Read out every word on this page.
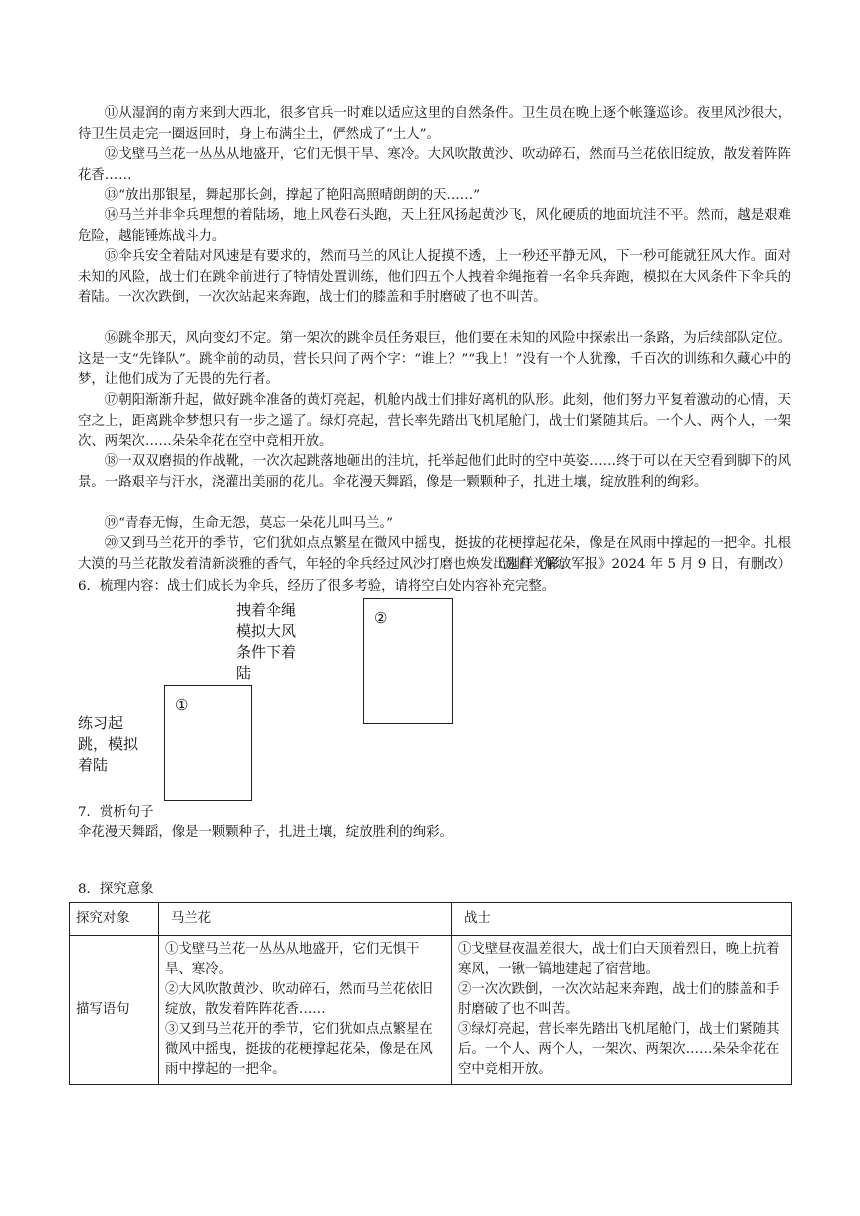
⑪从湿润的南方来到大西北，很多官兵一时难以适应这里的自然条件。卫生员在晚上逐个帐篷巡诊。夜里风沙很大，待卫生员走完一圈返回时，身上布满尘土，俨然成了“土人”。

⑫戈壁马兰花一丛丛从地盛开，它们无惧干旱、寒冷。大风吹散黄沙、吹动碎石，然而马兰花依旧绽放，散发着阵阵花香……

⑬“放出那银星，舞起那长剑，撑起了艳阳高照晴朗朗的天……”

⑭马兰并非伞兵理想的着陆场，地上风卷石头跑，天上狂风扬起黄沙飞，风化硬质的地面坑洼不平。然而，越是艰难危险，越能锤炼战斗力。

⑮伞兵安全着陆对风速是有要求的，然而马兰的风让人捉摸不透，上一秒还平静无风，下一秒可能就狂风大作。面对未知的风险，战士们在跳伞前进行了特情处置训练，他们四五个人拽着伞绳拖着一名伞兵奔跑，模拟在大风条件下伞兵的着陆。一次次跌倒，一次次站起来奔跑，战士们的膝盖和手肘磨破了也不叫苦。

⑯跳伞那天，风向变幻不定。第一架次的跳伞员任务艰巨，他们要在未知的风险中探索出一条路，为后续部队定位。这是一支“先锋队”。跳伞前的动员，营长只问了两个字：“谁上？”“我上！”没有一个人犹豫，千百次的训练和久藏心中的梦，让他们成为了无畏的先行者。

⑰朝阳渐渐升起，做好跳伞准备的黄灯亮起，机舱内战士们排好离机的队形。此刻，他们努力平复着激动的心情，天空之上，距离跳伞梦想只有一步之遥了。绿灯亮起，营长率先踏出飞机尾舱门，战士们紧随其后。一个人、两个人，一架次、两架次……朵朵伞花在空中竞相开放。

⑱一双双磨损的作战靴，一次次起跳落地砸出的洼坑，托举起他们此时的空中英姿……终于可以在天空看到脚下的风景。一路艰辛与汗水，浇灌出美丽的花儿。伞花漫天舞蹈，像是一颗颗种子，扎进土壤，绽放胜利的绚彩。

⑲“青春无悔，生命无怨，莫忘一朵花儿叫马兰。”

⑳又到马兰花开的季节，它们犹如点点繁星在微风中摇曳，挺拔的花梗撑起花朵，像是在风雨中撑起的一把伞。扎根大漠的马兰花散发着清新淡雅的香气，年轻的伞兵经过风沙打磨也焕发出别样光彩。

（选自《解放军报》2024 年 5 月 9 日，有删改）

6．梳理内容：战士们成长为伞兵，经历了很多考验，请将空白处内容补充完整。

练习起跳，模拟着陆

①

拽着伞绳模拟大风条件下着陆

②

7．赏析句子

伞花漫天舞蹈，像是一颗颗种子，扎进土壤，绽放胜利的绚彩。

8．探究意象

探究对象	马兰花	战士
描写语句	①戈壁马兰花一丛丛从地盛开，它们无惧干旱、寒冷。
②大风吹散黄沙、吹动碎石，然而马兰花依旧绽放，散发着阵阵花香……
③又到马兰花开的季节，它们犹如点点繁星在微风中摇曳，挺拔的花梗撑起花朵，像是在风雨中撑起的一把伞。	①戈壁昼夜温差很大，战士们白天顶着烈日，晚上抗着寒风，一锹一镐地建起了宿营地。
②一次次跌倒，一次次站起来奔跑，战士们的膝盖和手肘磨破了也不叫苦。
③绿灯亮起，营长率先踏出飞机尾舱门，战士们紧随其后。一个人、两个人，一架次、两架次……朵朵伞花在空中竞相开放。
